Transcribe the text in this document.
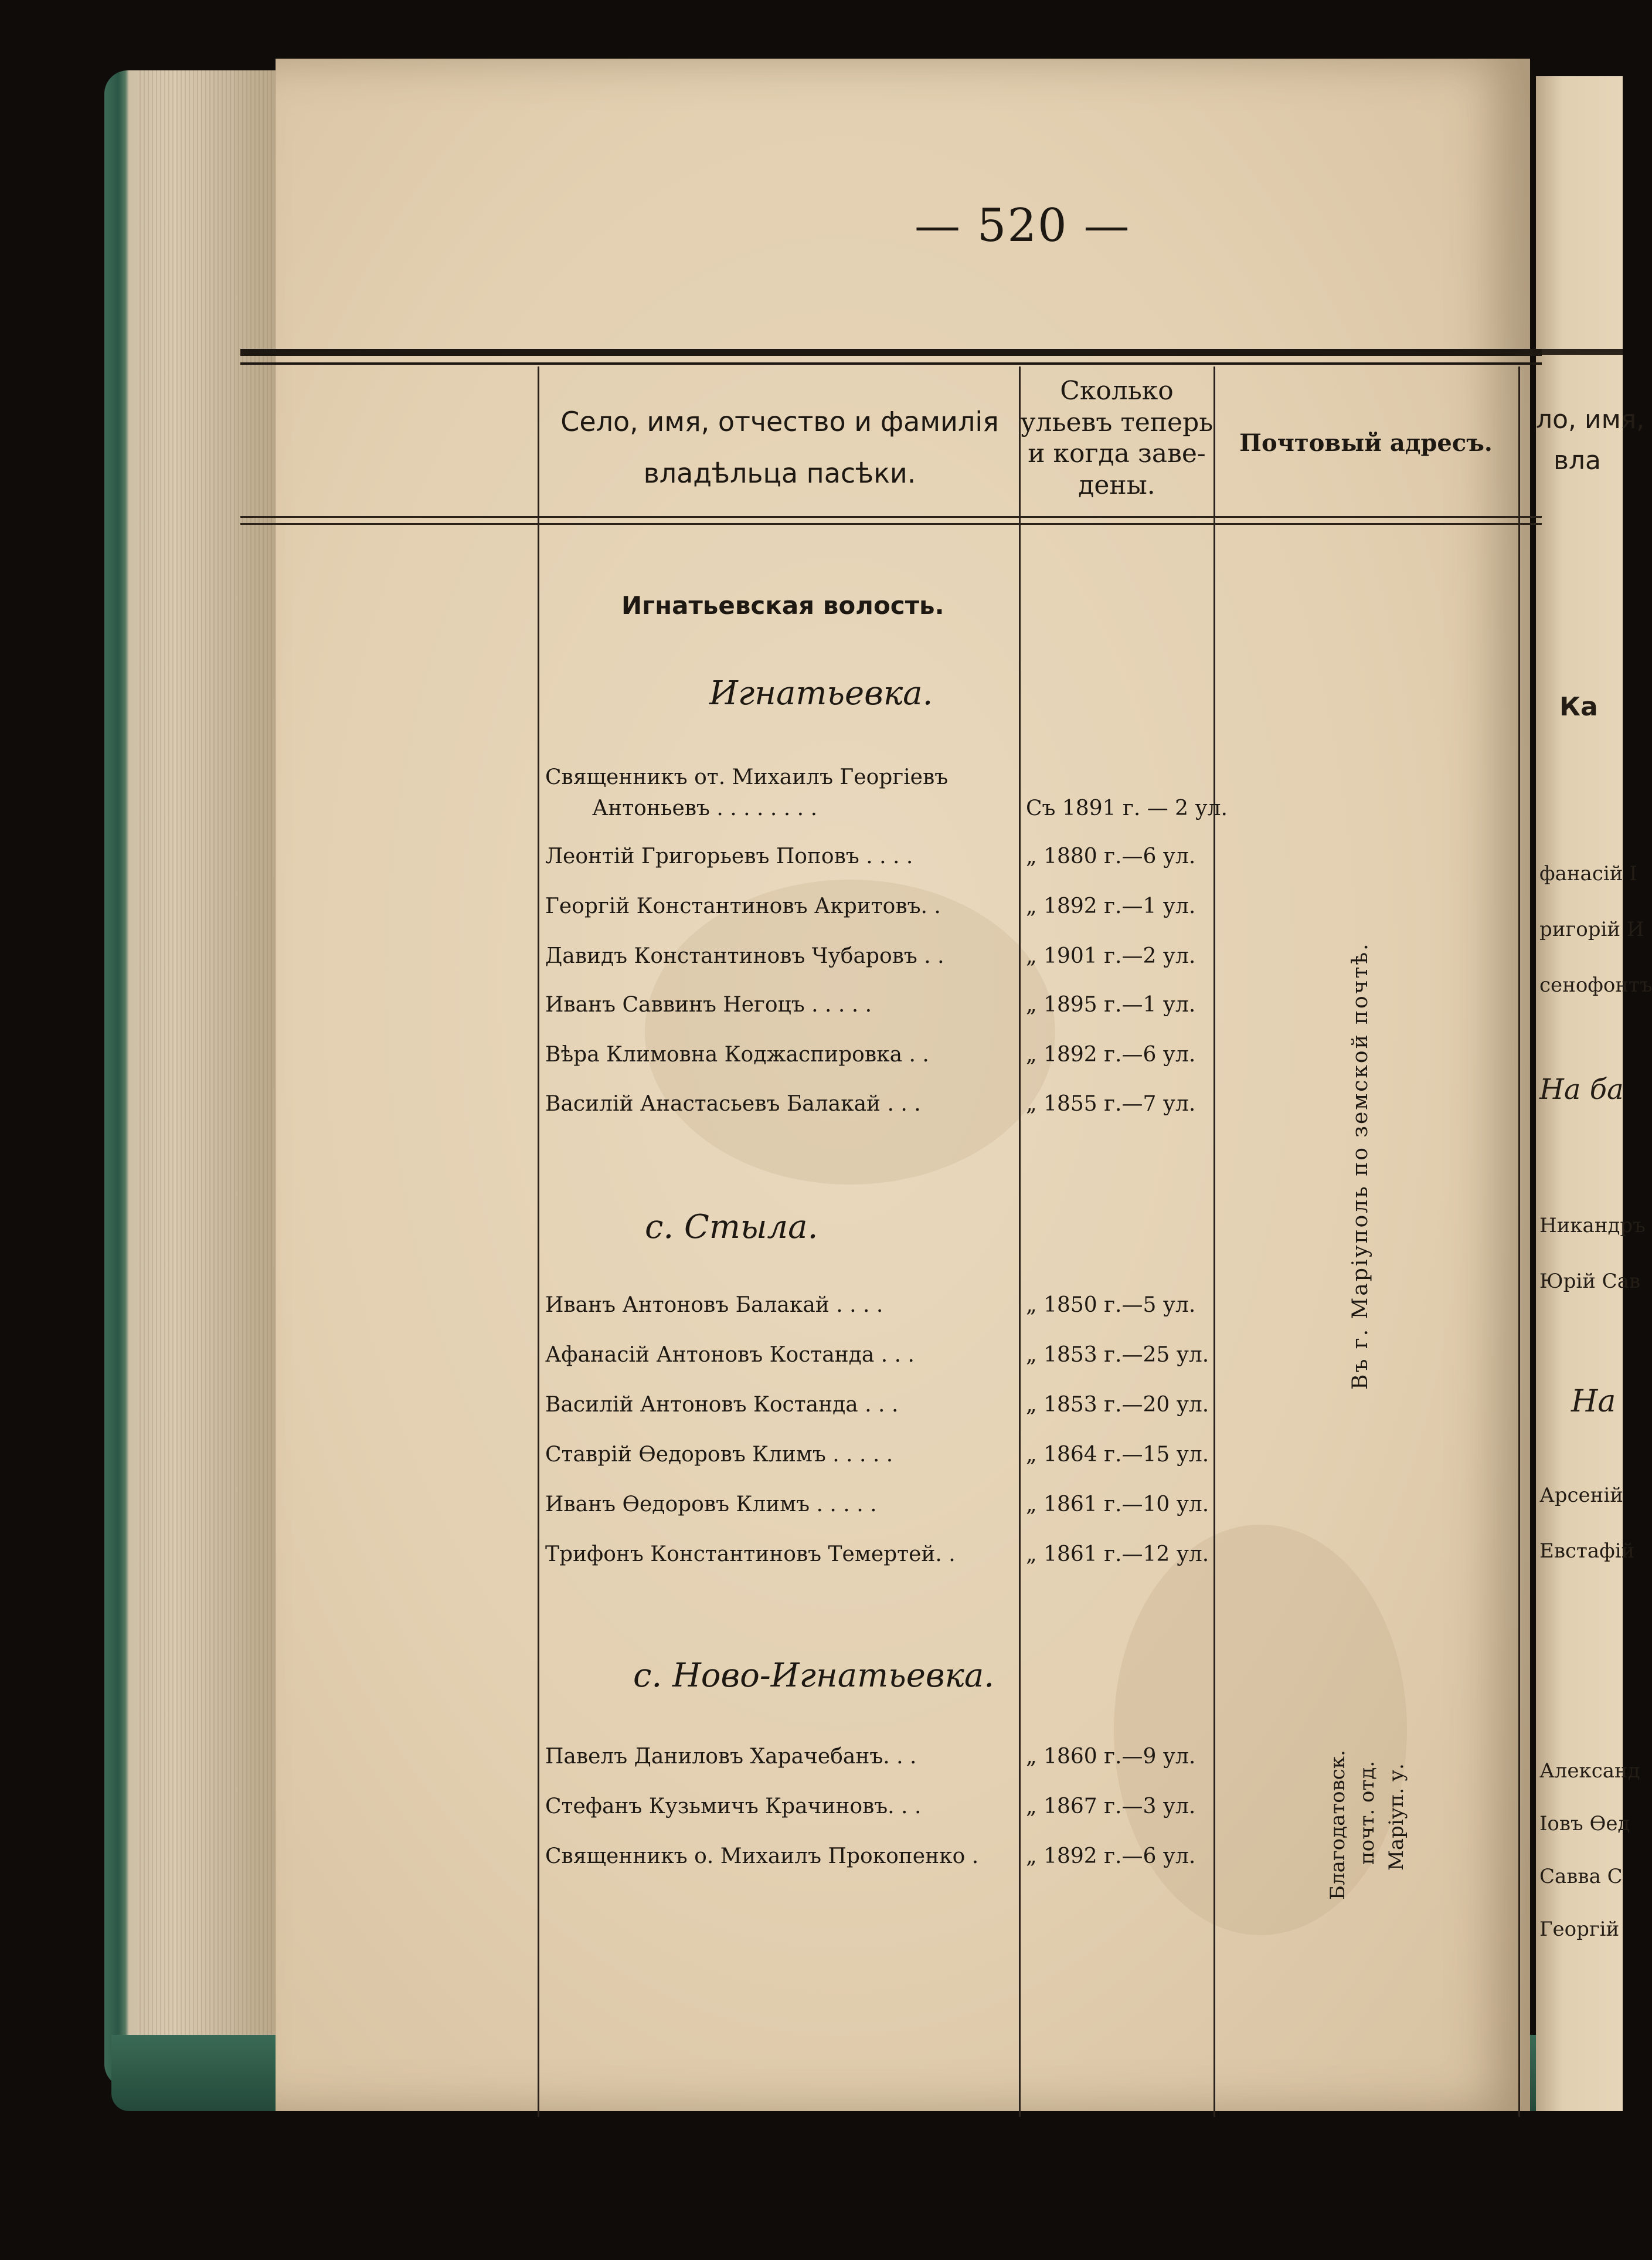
ло, имя,
вла
Ка
фанасій І
ригорій И
сенофонтъ
На ба
Никандръ
Юрій Сав
На
Арсеній
Евстафій
Александ
Іовъ Өед
Савва С
Георгій
— 520 —
Село, имя, отчество и фамилія
владѣльца пасѣки.
Сколько
ульевъ теперь
и когда заве-
дены.
Почтовый адресъ.
Игнатьевская волость.
Игнатьевка.
Священникъ от. Михаилъ Георгіевъ
Антоньевъ . . . . . . . .	Съ 1891 г. — 2 ул.
Леонтій Григорьевъ Поповъ . . . .	„ 1880 г.—6 ул.
Георгій Константиновъ Акритовъ. .	„ 1892 г.—1 ул.
Давидъ Константиновъ Чубаровъ . .	„ 1901 г.—2 ул.
Иванъ Саввинъ Негоцъ . . . . .	„ 1895 г.—1 ул.
Вѣра Климовна Коджаспировка . .	„ 1892 г.—6 ул.
Василій Анастасьевъ Балакай . . .	„ 1855 г.—7 ул.
с. Стыла.
Иванъ Антоновъ Балакай . . . .	„ 1850 г.—5 ул.
Афанасій Антоновъ Костанда . . .	„ 1853 г.—25 ул.
Василій Антоновъ Костанда . . .	„ 1853 г.—20 ул.
Ставрій Өедоровъ Климъ . . . . .	„ 1864 г.—15 ул.
Иванъ Өедоровъ Климъ . . . . .	„ 1861 г.—10 ул.
Трифонъ Константиновъ Темертей. .	„ 1861 г.—12 ул.
с. Ново-Игнатьевка.
Павелъ Даниловъ Харачебанъ. . .	„ 1860 г.—9 ул.
Стефанъ Кузьмичъ Крачиновъ. . .	„ 1867 г.—3 ул.
Священникъ о. Михаилъ Прокопенко .	„ 1892 г.—6 ул.
Въ г. Маріуполь по земской почтѣ.
Благодатовск. почт. отд. Маріуп. у.
